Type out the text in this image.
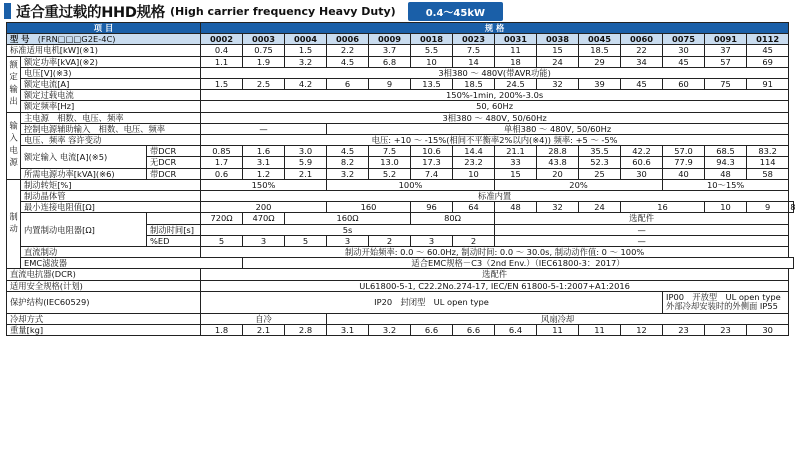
适合重过载的HHD规格 (High carrier frequency Heavy Duty)	0.4～45kW
项 目			规 格														
型 号　 (FRN□□□G2E-4C)			0002	0003	0004	0006	0009	0018	0023	0031	0038	0045	0060	0075	0091	0112	
标准适用电机[kW](※1)			0.4	0.75	1.5	2.2	3.7	5.5	7.5	11	15	18.5	22	30	37	45	
额定输出	额定功率[kVA](※2)		1.1	1.9	3.2	4.5	6.8	10	14	18	24	29	34	45	57	69	
	电压[V](※3)		3相380 ～ 480V(带AVR功能)														
	额定电流[A]		1.5	2.5	4.2	6	9	13.5	18.5	24.5	32	39	45	60	75	91	
	额定过载电流		150%-1min, 200%-3.0s														
	额定频率[Hz]		50, 60Hz														
输入电源	主电源　相数、电压、频率		3相380 ～ 480V, 50/60Hz														
	控制电源辅助输入　相数、电压、频率		—			单相380 ～ 480V, 50/60Hz											
	电压、频率 容许变动		电压: +10 ～ -15%(相间不平衡率2%以内(※4)) 频率: +5 ～ -5%														
	额定输入 电流[A](※5)	带DCR	0.85	1.6	3.0	4.5	7.5	10.6	14.4	21.1	28.8	35.5	42.2	57.0	68.5	83.2	
		无DCR	1.7	3.1	5.9	8.2	13.0	17.3	23.2	33	43.8	52.3	60.6	77.9	94.3	114	
	所需电源功率[kVA](※6)	带DCR	0.6	1.2	2.1	3.2	5.2	7.4	10	15	20	25	30	40	48	58	
制动	制动转矩[%]		150%			100%				20%				10～15%			
	制动晶体管		标准内置														
	最小连接电阻值[Ω]		200			160		96	64	48	32	24	16		10	9	8
	内置制动电阻器[Ω]		720Ω	470Ω	160Ω			80Ω		选配件							
		制动时间[s]	5s							—							
		%ED	5	3	5	3	2	3	2	—							
	直流制动		制动开始频率: 0.0 ～ 60.0Hz, 制动时间: 0.0 ～ 30.0s, 制动动作值: 0 ～ 100%														
	EMC滤波器			适合EMC规格－C3（2nd Env.）（IEC61800-3：2017）													
直流电抗器(DCR)			选配件														
适用安全规格(计划)			UL61800-5-1, C22.2No.274-17, IEC/EN 61800-5-1:2007+A1:2016														
保护结构(IEC60529)			IP20　封闭型　UL open type											IP00　开放型　UL open type
外部冷却安装时的外侧面 IP55			

冷却方式			自冷			风扇冷却											
重量[kg]			1.8	2.1	2.8	3.1	3.2	6.6	6.6	6.4	11	11	12	23	23	30	
